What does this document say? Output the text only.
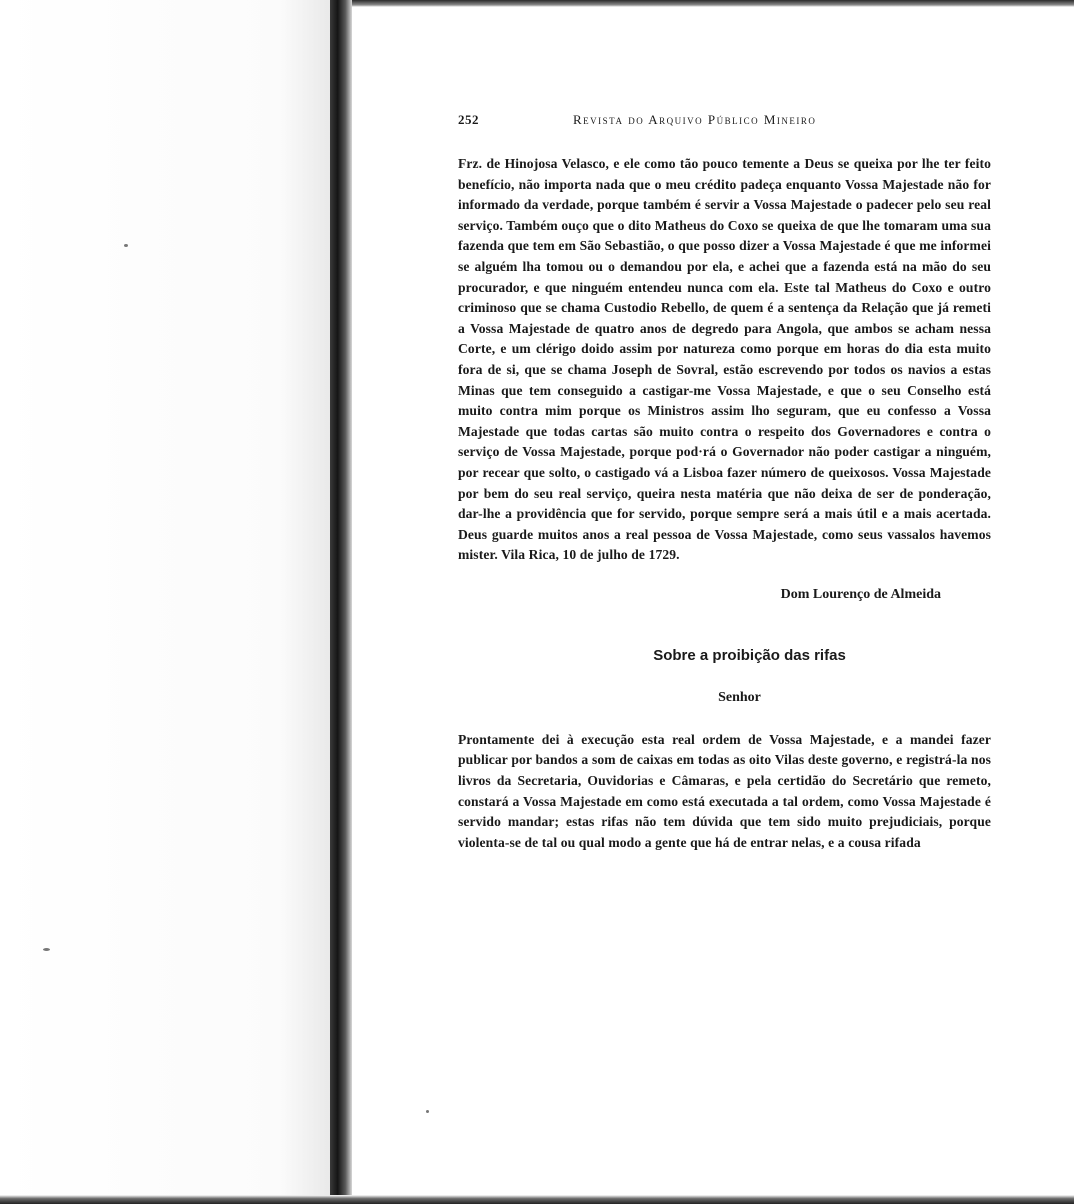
252	Revista do Arquivo Público Mineiro

Frz. de Hinojosa Velasco, e ele como tão pouco temente a Deus se queixa por lhe ter feito benefício, não importa nada que o meu crédito padeça enquanto Vossa Majestade não for informado da verdade, porque também é servir a Vossa Majestade o padecer pelo seu real serviço. Também ouço que o dito Matheus do Coxo se queixa de que lhe tomaram uma sua fazenda que tem em São Sebastião, o que posso dizer a Vossa Majestade é que me informei se alguém lha tomou ou o demandou por ela, e achei que a fazenda está na mão do seu procurador, e que ninguém entendeu nunca com ela. Este tal Matheus do Coxo e outro criminoso que se chama Custodio Rebello, de quem é a sentença da Relação que já remeti a Vossa Majestade de quatro anos de degredo para Angola, que ambos se acham nessa Corte, e um clérigo doido assim por natureza como porque em horas do dia esta muito fora de si, que se chama Joseph de Sovral, estão escrevendo por todos os navios a estas Minas que tem conseguido a castigar-me Vossa Majestade, e que o seu Conselho está muito contra mim porque os Ministros assim lho seguram, que eu confesso a Vossa Majestade que todas cartas são muito contra o respeito dos Governadores e contra o serviço de Vossa Majestade, porque pod·rá o Governador não poder castigar a ninguém, por recear que solto, o castigado vá a Lisboa fazer número de queixosos. Vossa Majestade por bem do seu real serviço, queira nesta matéria que não deixa de ser de ponderação, dar-lhe a providência que for servido, porque sempre será a mais útil e a mais acertada. Deus guarde muitos anos a real pessoa de Vossa Majestade, como seus vassalos havemos mister. Vila Rica, 10 de julho de 1729.

Dom Lourenço de Almeida
Sobre a proibição das rifas
Senhor

Prontamente dei à execução esta real ordem de Vossa Majestade, e a mandei fazer publicar por bandos a som de caixas em todas as oito Vilas deste governo, e registrá-la nos livros da Secretaria, Ouvidorias e Câmaras, e pela certidão do Secretário que remeto, constará a Vossa Majestade em como está executada a tal ordem, como Vossa Majestade é servido mandar; estas rifas não tem dúvida que tem sido muito prejudiciais, porque violenta-se de tal ou qual modo a gente que há de entrar nelas, e a cousa rifada
